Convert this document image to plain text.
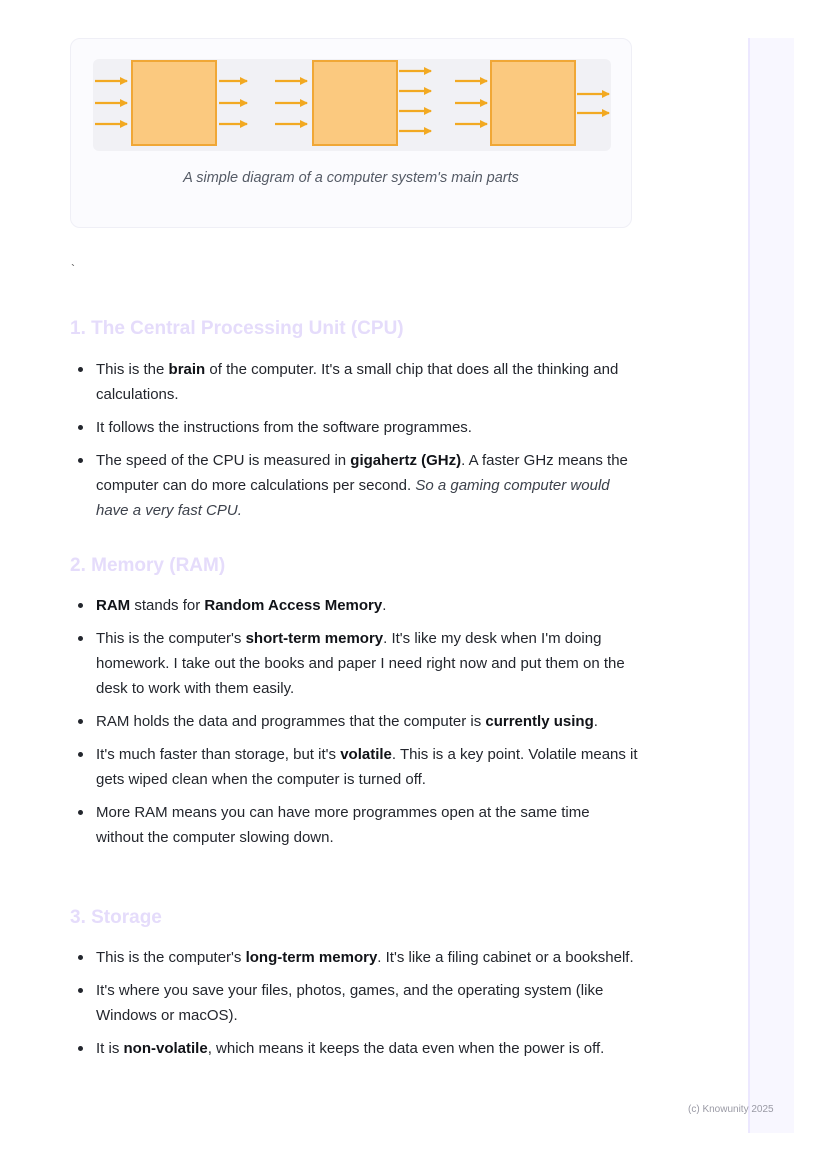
A simple diagram of a computer system's main parts
`
1. The Central Processing Unit (CPU)
This is the brain of the computer. It's a small chip that does all the thinking and calculations.
It follows the instructions from the software programmes.
The speed of the CPU is measured in gigahertz (GHz). A faster GHz means the computer can do more calculations per second. So a gaming computer would have a very fast CPU.
2. Memory (RAM)
RAM stands for Random Access Memory.
This is the computer's short-term memory. It's like my desk when I'm doing homework. I take out the books and paper I need right now and put them on the desk to work with them easily.
RAM holds the data and programmes that the computer is currently using.
It's much faster than storage, but it's volatile. This is a key point. Volatile means it gets wiped clean when the computer is turned off.
More RAM means you can have more programmes open at the same time without the computer slowing down.
3. Storage
This is the computer's long-term memory. It's like a filing cabinet or a bookshelf.
It's where you save your files, photos, games, and the operating system (like Windows or macOS).
It is non-volatile, which means it keeps the data even when the power is off.
(c) Knowunity 2025
